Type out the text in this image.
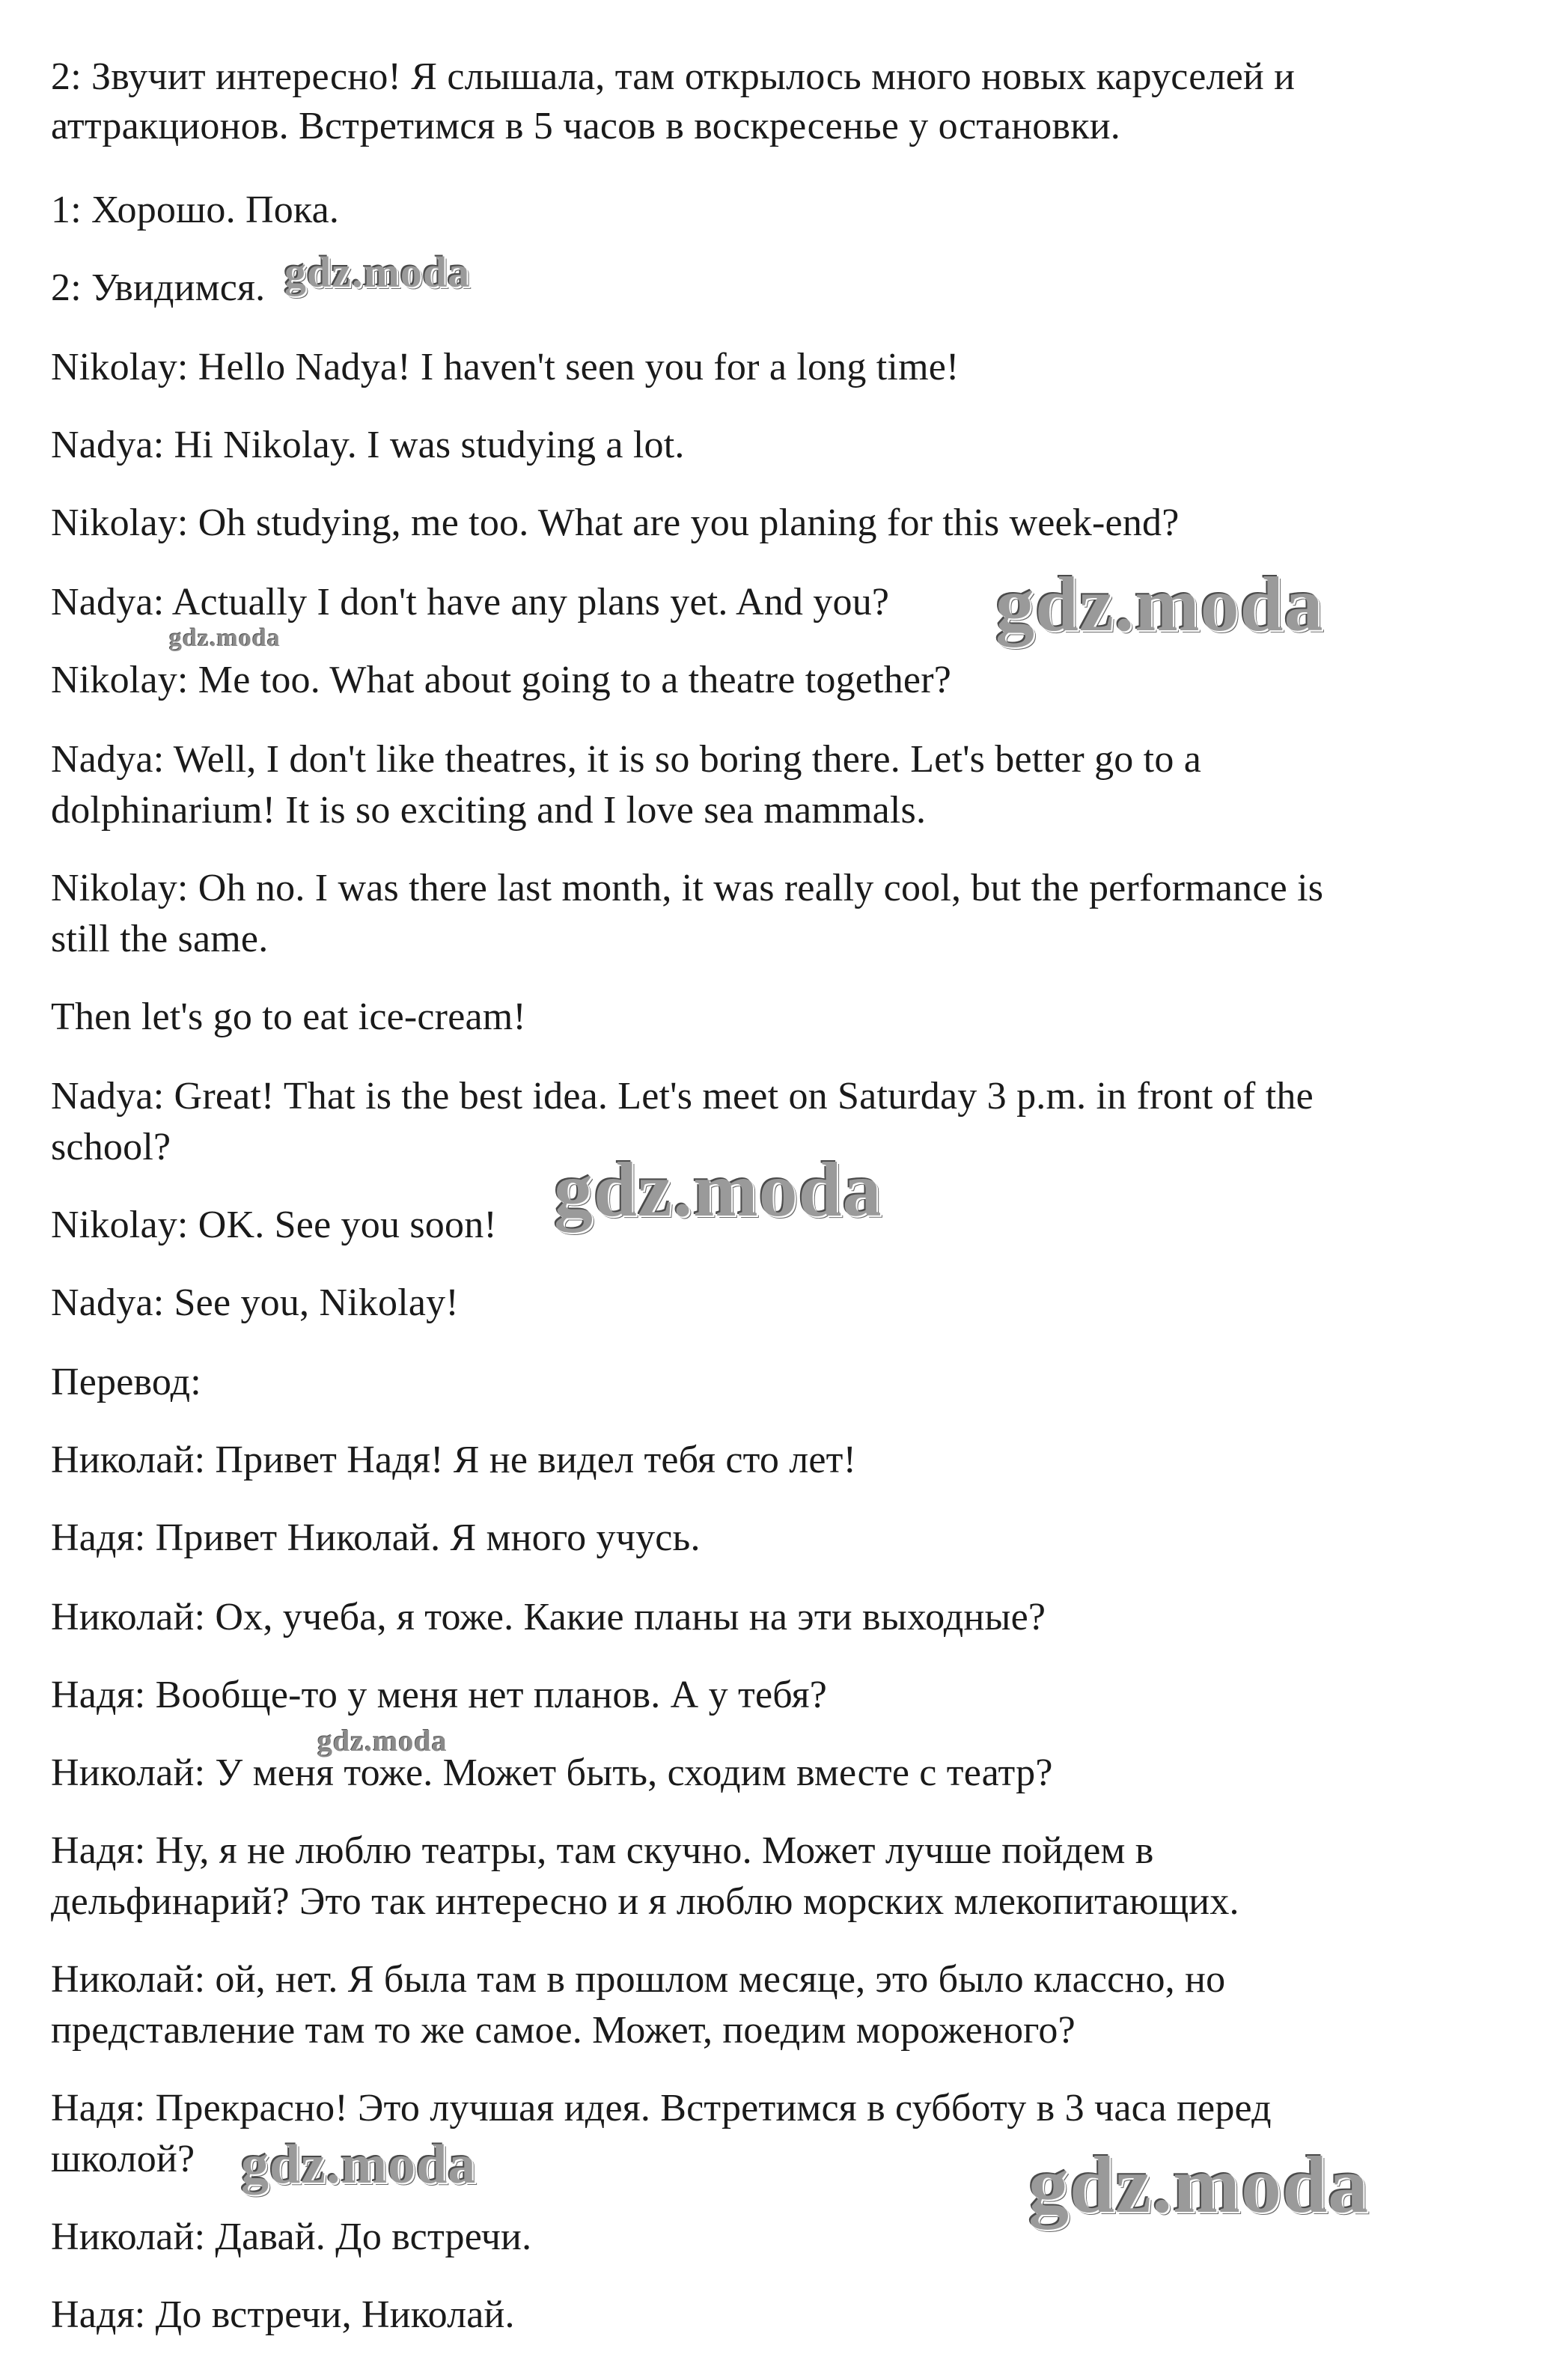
2: Звучит интересно! Я слышала, там открылось много новых каруселей и
аттракционов. Встретимся в 5 часов в воскресенье у остановки.
1: Хорошо. Пока.
2: Увидимся.
Nikolay: Hello Nadya! I haven't seen you for a long time!
Nadya: Hi Nikolay. I was studying a lot.
Nikolay: Oh studying, me too. What are you planing for this week-end?
Nadya: Actually I don't have any plans yet. And you?
Nikolay: Me too. What about going to a theatre together?
Nadya: Well, I don't like theatres, it is so boring there. Let's better go to a
dolphinarium! It is so exciting and I love sea mammals.
Nikolay: Oh no. I was there last month, it was really cool, but the performance is
still the same.
Then let's go to eat ice-cream!
Nadya: Great! That is the best idea. Let's meet on Saturday 3 p.m. in front of the
school?
Nikolay: OK. See you soon!
Nadya: See you, Nikolay!
Перевод:
Николай: Привет Надя! Я не видел тебя сто лет!
Надя: Привет Николай. Я много учусь.
Николай: Ох, учеба, я тоже. Какие планы на эти выходные?
Надя: Вообще-то у меня нет планов. А у тебя?
Николай: У меня тоже. Может быть, сходим вместе с театр?
Надя: Ну, я не люблю театры, там скучно. Может лучше пойдем в
дельфинарий? Это так интересно и я люблю морских млекопитающих.
Николай: ой, нет. Я была там в прошлом месяце, это было классно, но
представление там то же самое. Может, поедим мороженого?
Надя: Прекрасно! Это лучшая идея. Встретимся в субботу в 3 часа перед
школой?
Николай: Давай. До встречи.
Надя: До встречи, Николай.
gdz.moda
gdz.moda
gdz.moda
gdz.moda
gdz.moda
gdz.moda	gdz.moda
